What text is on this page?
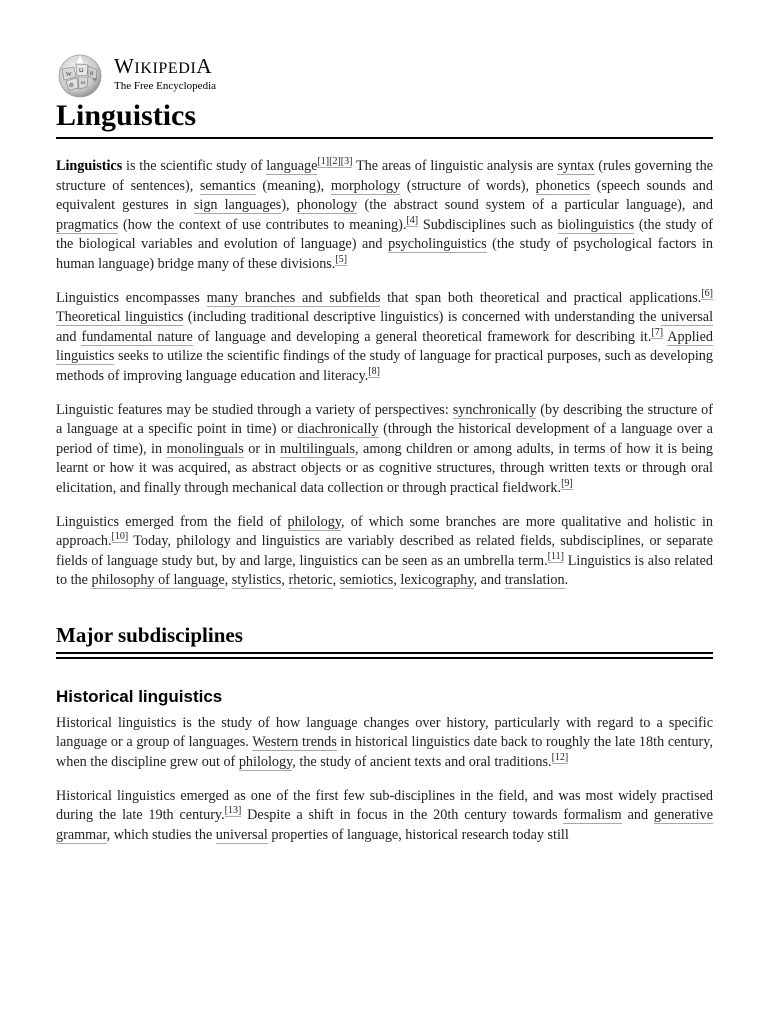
W
Ω
И
維
ω ウ
WIKIPEDIA
The Free Encyclopedia
Linguistics

Linguistics is the scientific study of language[1][2][3] The areas of linguistic analysis are syntax (rules governing the structure of sentences), semantics (meaning), morphology (structure of words), phonetics (speech sounds and equivalent gestures in sign languages), phonology (the abstract sound system of a particular language), and pragmatics (how the context of use contributes to meaning).[4] Subdisciplines such as biolinguistics (the study of the biological variables and evolution of language) and psycholinguistics (the study of psychological factors in human language) bridge many of these divisions.[5]

Linguistics encompasses many branches and subfields that span both theoretical and practical applications.[6] Theoretical linguistics (including traditional descriptive linguistics) is concerned with understanding the universal and fundamental nature of language and developing a general theoretical framework for describing it.[7] Applied linguistics seeks to utilize the scientific findings of the study of language for practical purposes, such as developing methods of improving language education and literacy.[8]

Linguistic features may be studied through a variety of perspectives: synchronically (by describing the structure of a language at a specific point in time) or diachronically (through the historical development of a language over a period of time), in monolinguals or in multilinguals, among children or among adults, in terms of how it is being learnt or how it was acquired, as abstract objects or as cognitive structures, through written texts or through oral elicitation, and finally through mechanical data collection or through practical fieldwork.[9]

Linguistics emerged from the field of philology, of which some branches are more qualitative and holistic in approach.[10] Today, philology and linguistics are variably described as related fields, subdisciplines, or separate fields of language study but, by and large, linguistics can be seen as an umbrella term.[11] Linguistics is also related to the philosophy of language, stylistics, rhetoric, semiotics, lexicography, and translation.

Major subdisciplines
Historical linguistics

Historical linguistics is the study of how language changes over history, particularly with regard to a specific language or a group of languages. Western trends in historical linguistics date back to roughly the late 18th century, when the discipline grew out of philology, the study of ancient texts and oral traditions.[12]

Historical linguistics emerged as one of the first few sub-disciplines in the field, and was most widely practised during the late 19th century.[13] Despite a shift in focus in the 20th century towards formalism and generative grammar, which studies the universal properties of language, historical research today still
